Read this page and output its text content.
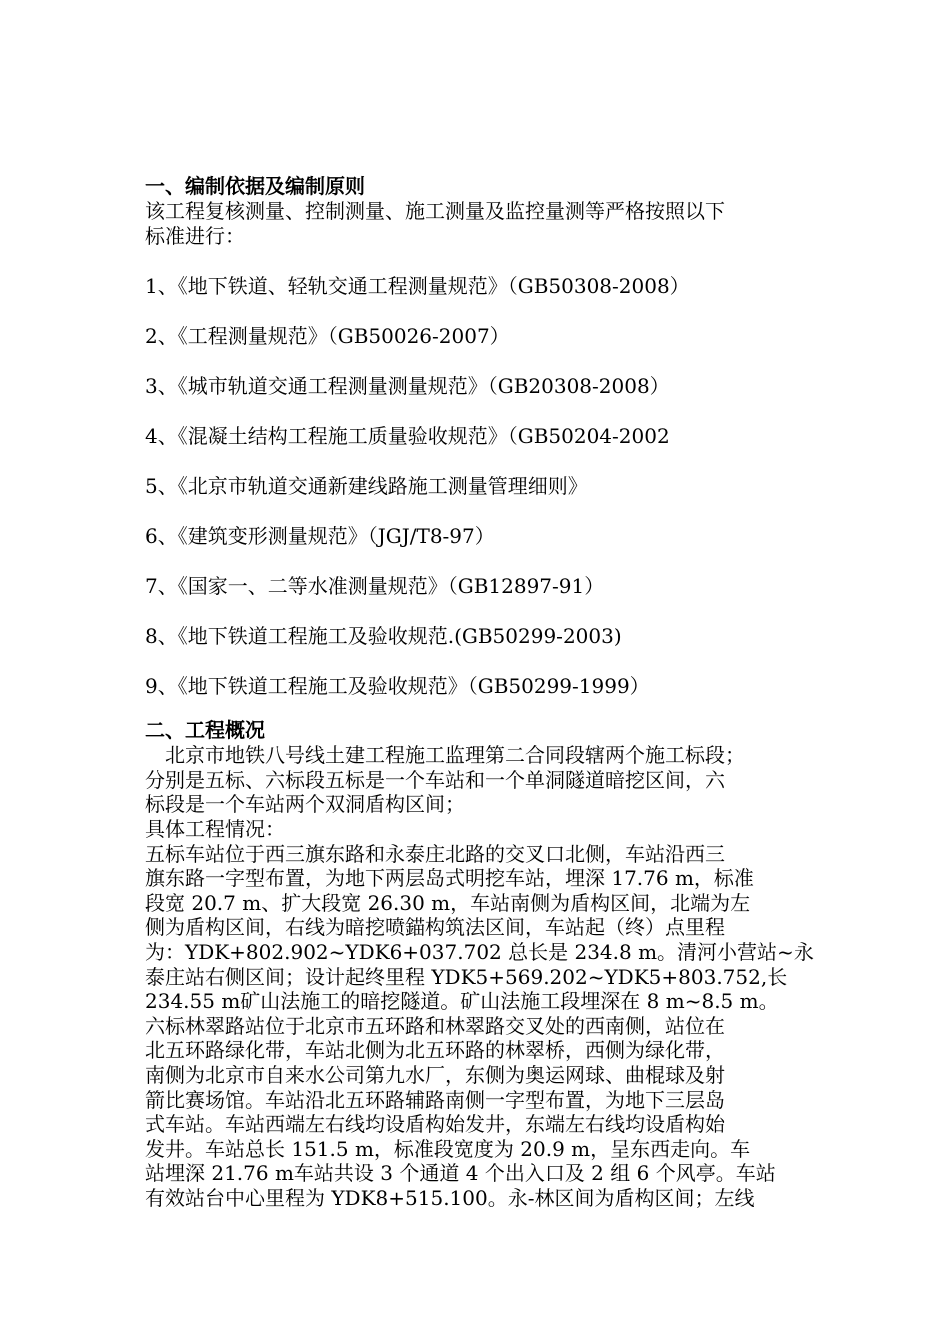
一、编制依据及编制原则
该工程复核测量、控制测量、施工测量及监控量测等严格按照以下
标准进行：
1、《地下铁道、轻轨交通工程测量规范》（GB50308-2008）
2、《工程测量规范》（GB50026-2007）
3、《城市轨道交通工程测量测量规范》（GB20308-2008）
4、《混凝土结构工程施工质量验收规范》（GB50204-2002
5、《北京市轨道交通新建线路施工测量管理细则》
6、《建筑变形测量规范》（JGJ/T8-97）
7、《国家一、二等水准测量规范》（GB12897-91）
8、《地下铁道工程施工及验收规范.(GB50299-2003)
9、《地下铁道工程施工及验收规范》（GB50299-1999）
二、工程概况
　北京市地铁八号线土建工程施工监理第二合同段辖两个施工标段；
分别是五标、六标段五标是一个车站和一个单洞隧道暗挖区间，六
标段是一个车站两个双洞盾构区间；
具体工程情况：
五标车站位于西三旗东路和永泰庄北路的交叉口北侧，车站沿西三
旗东路一字型布置，为地下两层岛式明挖车站，埋深 17.76 m，标准
段宽 20.7 m、扩大段宽 26.30 m，车站南侧为盾构区间，北端为左
侧为盾构区间，右线为暗挖喷錨构筑法区间，车站起（终）点里程
为：YDK+802.902~YDK6+037.702 总长是 234.8 m。清河小营站~永
泰庄站右侧区间；设计起终里程 YDK5+569.202~YDK5+803.752,长
234.55 m矿山法施工的暗挖隧道。矿山法施工段埋深在 8 m~8.5 m。
六标林翠路站位于北京市五环路和林翠路交叉处的西南侧，站位在
北五环路绿化带，车站北侧为北五环路的林翠桥，西侧为绿化带，
南侧为北京市自来水公司第九水厂，东侧为奥运网球、曲棍球及射
箭比赛场馆。车站沿北五环路辅路南侧一字型布置，为地下三层岛
式车站。车站西端左右线均设盾构始发井，东端左右线均设盾构始
发井。车站总长 151.5 m，标准段宽度为 20.9 m，呈东西走向。车
站埋深 21.76 m车站共设 3 个通道 4 个出入口及 2 组 6 个风亭。车站
有效站台中心里程为 YDK8+515.100。永-林区间为盾构区间；左线
